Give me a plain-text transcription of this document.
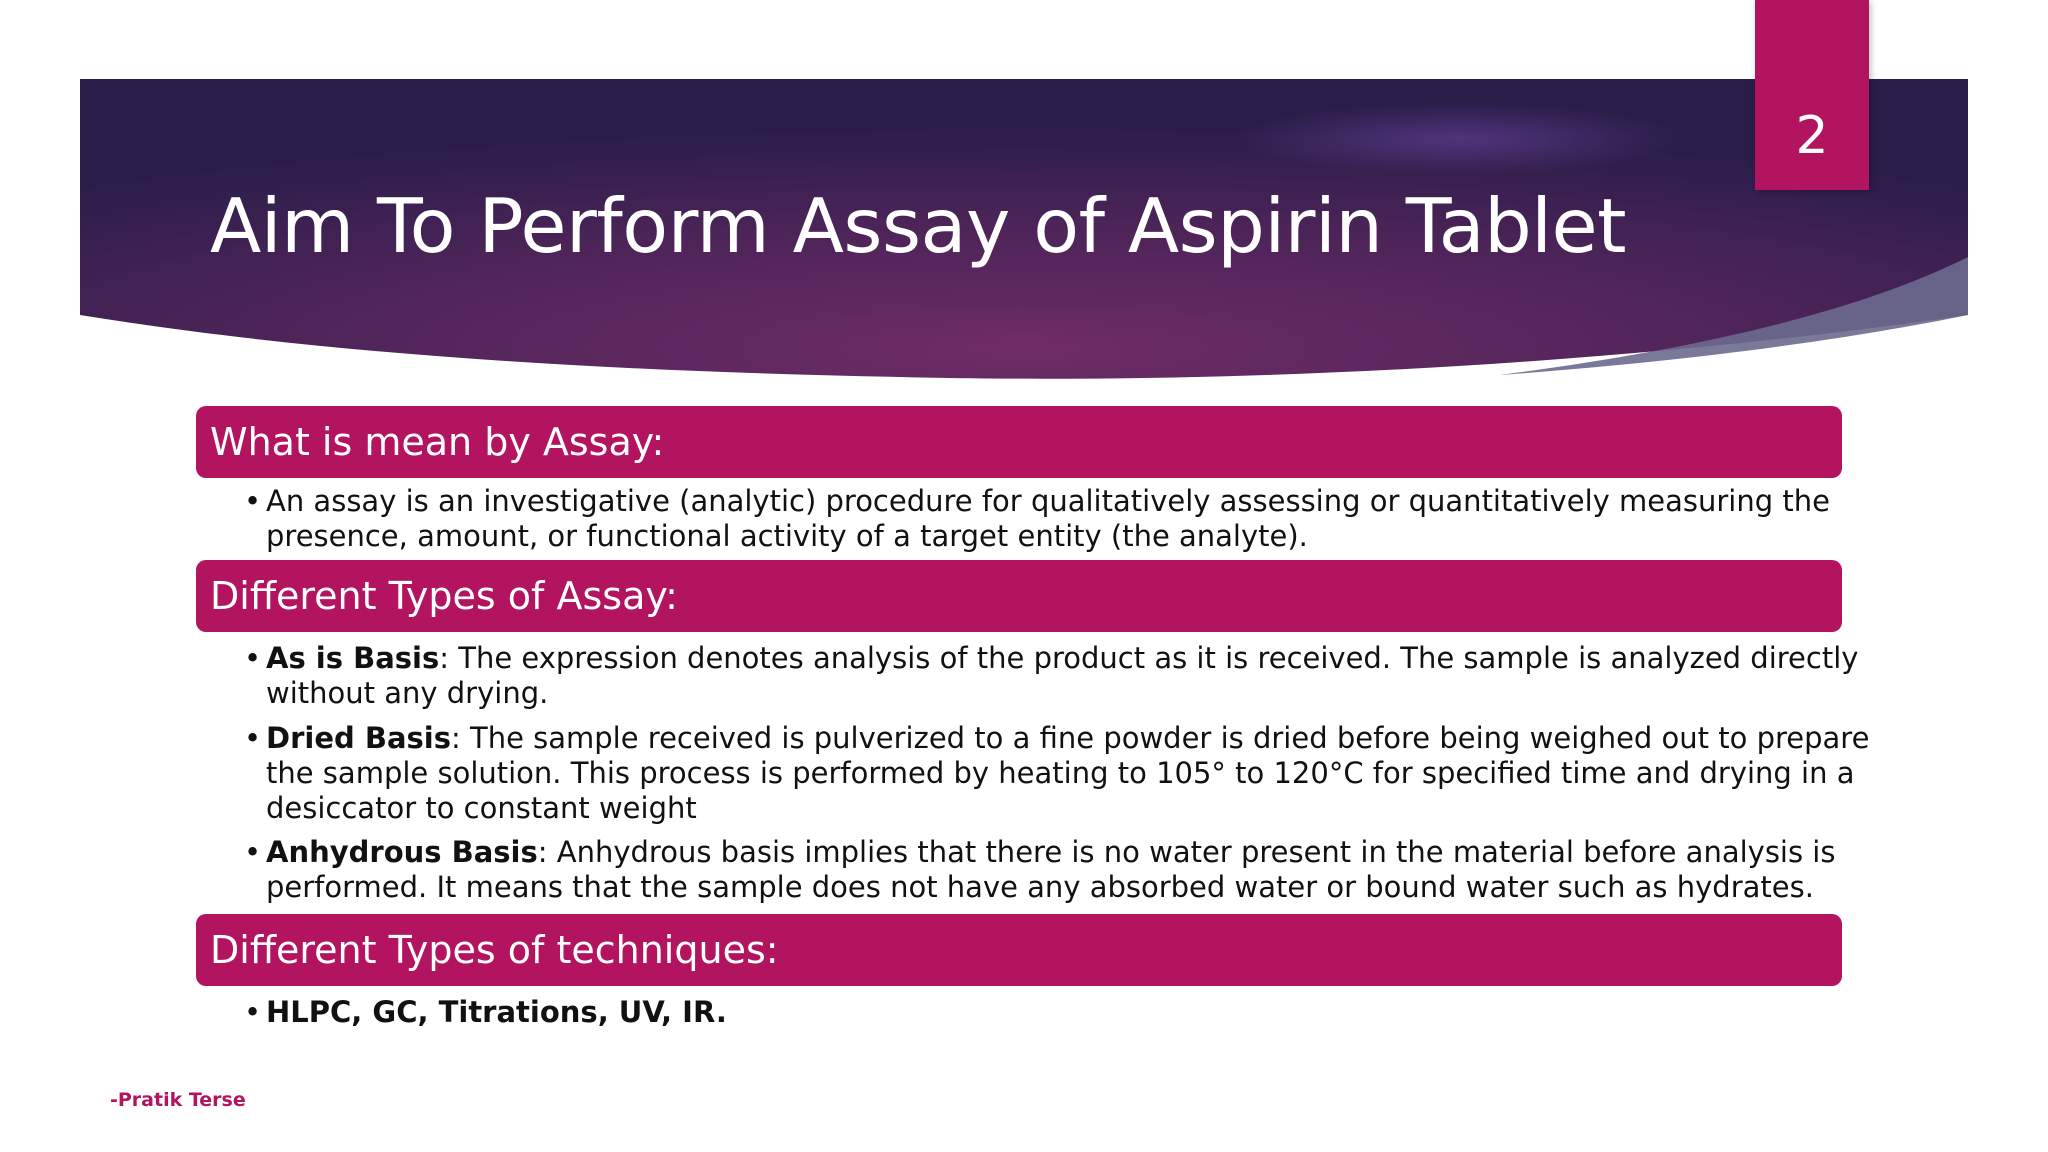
Aim To Perform Assay of Aspirin Tablet
2
What is mean by Assay:
• An assay is an investigative (analytic) procedure for qualitatively assessing or quantitatively measuring the
presence, amount, or functional activity of a target entity (the analyte).
Different Types of Assay:
• As is Basis: The expression denotes analysis of the product as it is received. The sample is analyzed directly
without any drying.
• Dried Basis: The sample received is pulverized to a fine powder is dried before being weighed out to prepare
the sample solution. This process is performed by heating to 105° to 120°C for specified time and drying in a
desiccator to constant weight
• Anhydrous Basis: Anhydrous basis implies that there is no water present in the material before analysis is
performed. It means that the sample does not have any absorbed water or bound water such as hydrates.
Different Types of techniques:
• HLPC, GC, Titrations, UV, IR.
-Pratik Terse
